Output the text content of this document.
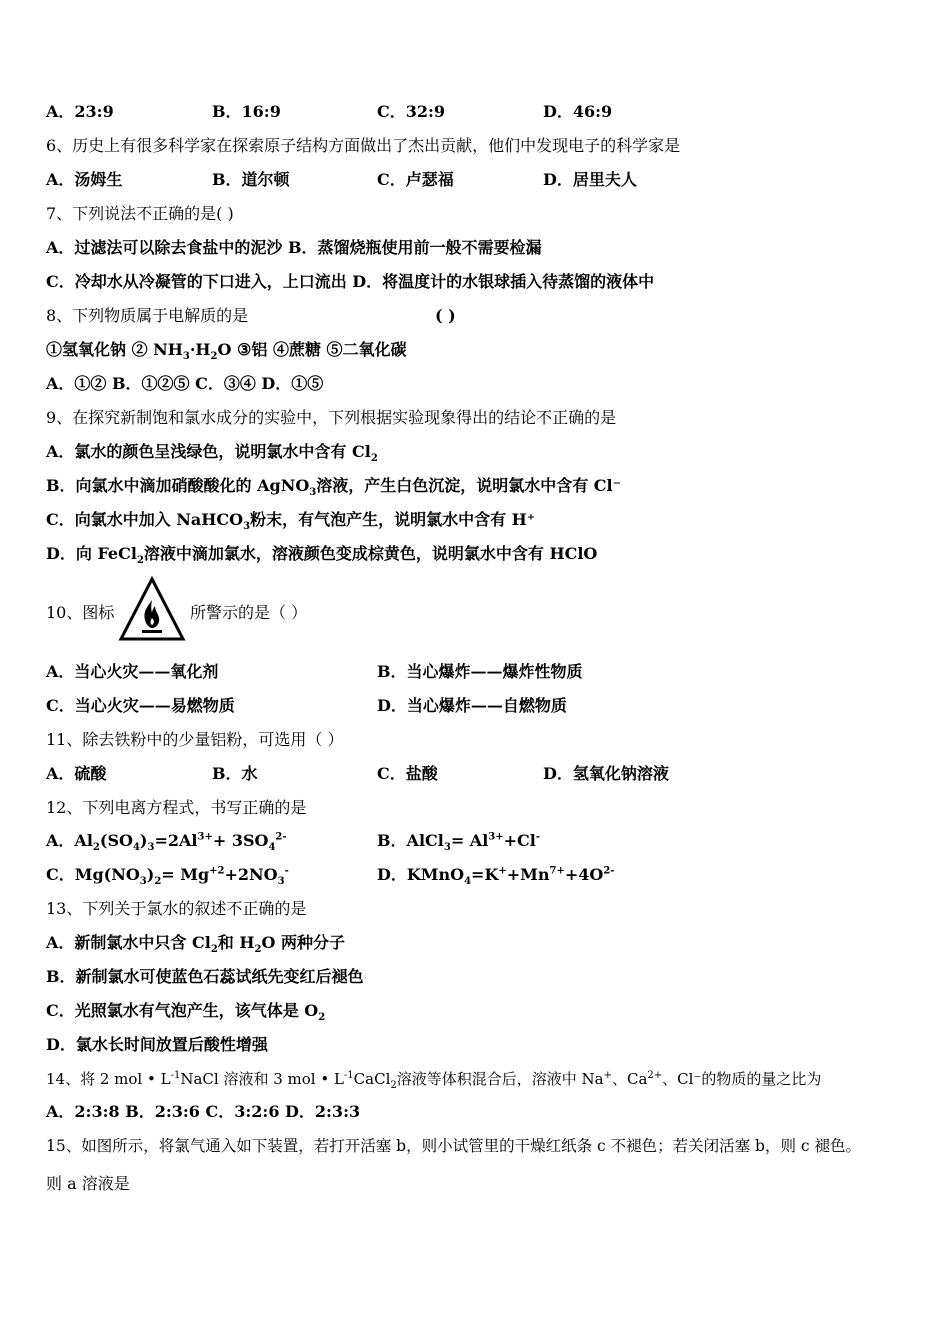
A．23:9	B．16:9	C．32:9	D．46:9
6、历史上有很多科学家在探索原子结构方面做出了杰出贡献，他们中发现电子的科学家是
A．汤姆生	B．道尔顿	C．卢瑟福	D．居里夫人
7、下列说法不正确的是( )
A．过滤法可以除去食盐中的泥沙 B．蒸馏烧瓶使用前一般不需要检漏
C．冷却水从冷凝管的下口进入，上口流出 D．将温度计的水银球插入待蒸馏的液体中
8、下列物质属于电解质的是	( )
①氢氧化钠 ② $NH_3\cdot H_2O$ ③铝 ④蔗糖 ⑤二氧化碳
A．①② B．①②⑤ C．③④ D．①⑤
9、在探究新制饱和氯水成分的实验中，下列根据实验现象得出的结论不正确的是
A．氯水的颜色呈浅绿色，说明氯水中含有 $Cl_2$
B．向氯水中滴加硝酸酸化的 AgNO$_3$溶液，产生白色沉淀，说明氯水中含有 Cl⁻
C．向氯水中加入 NaHCO$_3$粉末，有气泡产生，说明氯水中含有 H⁺
D．向 FeCl$_2$溶液中滴加氯水，溶液颜色变成棕黄色，说明氯水中含有 HClO
10、图标	所警示的是（ ）
A．当心火灾——氧化剂	B．当心爆炸——爆炸性物质
C．当心火灾——易燃物质	D．当心爆炸——自燃物质
11、除去铁粉中的少量铝粉，可选用（ ）
A．硫酸	B．水	C．盐酸	D．氢氧化钠溶液
12、下列电离方程式，书写正确的是
A．$Al_2(SO_4)_3=2Al^{3+}+ 3SO_4^{2-}$	B．AlCl$_3$= $Al^{3+}+Cl^-$
C．$Mg(NO_3)_2= Mg^{+2}+2NO_3^-$	D．$KMnO_4=K^++Mn^{7+}+4O^{2-}$
13、下列关于氯水的叙述不正确的是
A．新制氯水中只含 $Cl_2$和 $H_2O$ 两种分子
B．新制氯水可使蓝色石蕊试纸先变红后褪色
C．光照氯水有气泡产生，该气体是 $O_2$
D．氯水长时间放置后酸性增强
14、将 2 mol • $L^{-1}NaCl$ 溶液和 3 mol • $L^{-1}CaCl_2$溶液等体积混合后，溶液中 Na+、$Ca^{2+}$、Cl⁻的物质的量之比为
A．2:3:8 B．2:3:6 C．3:2:6 D．2:3:3
15、如图所示，将氯气通入如下装置，若打开活塞 b，则小试管里的干燥红纸条 c 不褪色；若关闭活塞 b，则 c 褪色。
则 a 溶液是
